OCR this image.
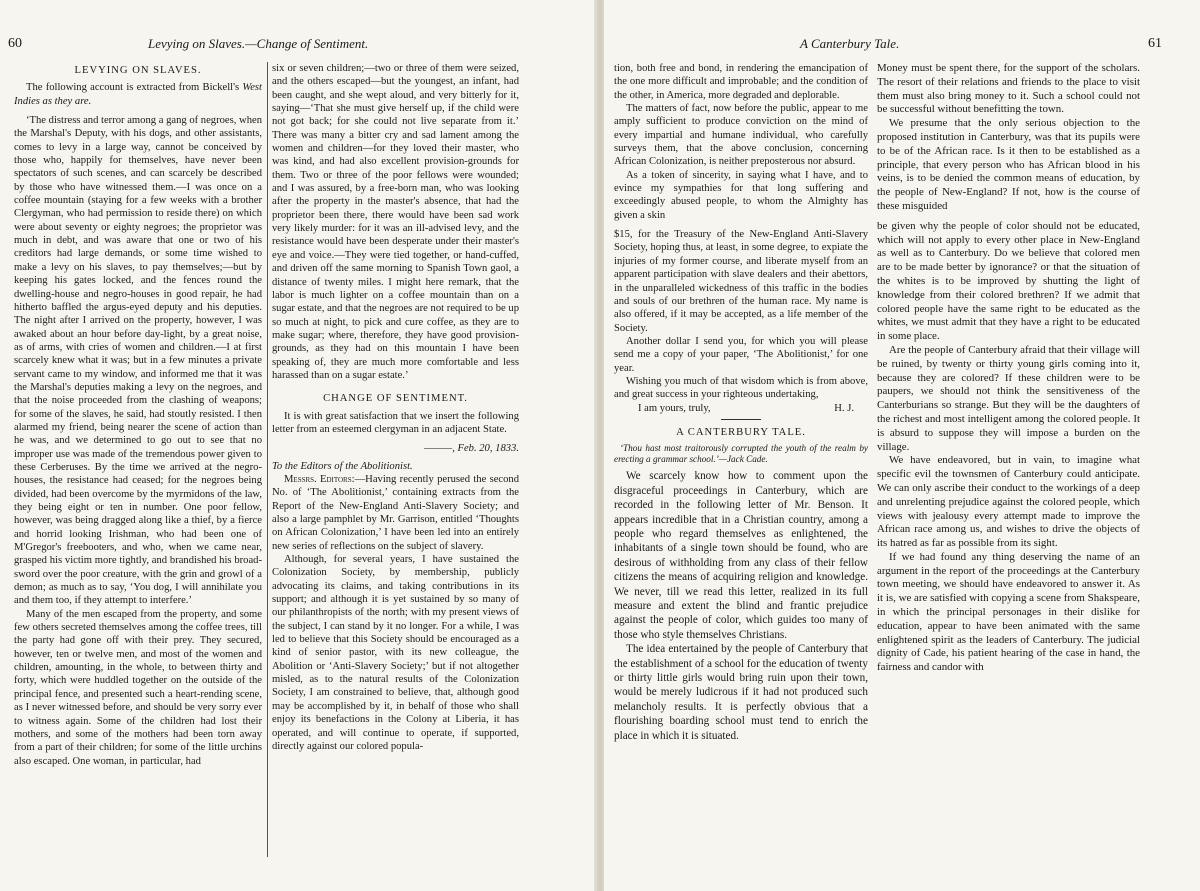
60	Levying on Slaves.—Change of Sentiment.
LEVYING ON SLAVES.

The following account is extracted from Bickell's West Indies as they are.

‘The distress and terror among a gang of negroes, when the Marshal's Deputy, with his dogs, and other assistants, comes to levy in a large way, cannot be conceived by those who, happily for themselves, have never been spectators of such scenes, and can scarcely be described by those who have witnessed them.—I was once on a coffee mountain (staying for a few weeks with a brother Clergyman, who had permission to reside there) on which were about seventy or eighty negroes; the proprietor was much in debt, and was aware that one or two of his creditors had large demands, or some time wished to make a levy on his slaves, to pay themselves;—but by keeping his gates locked, and the fences round the dwelling-house and negro-houses in good repair, he had hitherto baffled the argus-eyed deputy and his deputies. The night after I arrived on the property, however, I was awaked about an hour before day-light, by a great noise, as of arms, with cries of women and children.—I at first scarcely knew what it was; but in a few minutes a private servant came to my window, and informed me that it was the Marshal's deputies making a levy on the negroes, and that the noise proceeded from the clashing of weapons; for some of the slaves, he said, had stoutly resisted. I then alarmed my friend, being nearer the scene of action than he was, and we determined to go out to see that no improper use was made of the tremendous power given to these Cerberuses. By the time we arrived at the negro-houses, the resistance had ceased; for the negroes being divided, had been overcome by the myrmidons of the law, they being eight or ten in number. One poor fellow, however, was being dragged along like a thief, by a fierce and horrid looking Irishman, who had been one of M'Gregor's freebooters, and who, when we came near, grasped his victim more tightly, and brandished his broad-sword over the poor creature, with the grin and growl of a demon; as much as to say, ‘You dog, I will annihilate you and them too, if they attempt to interfere.’

Many of the men escaped from the property, and some few others secreted themselves among the coffee trees, till the party had gone off with their prey. They secured, however, ten or twelve men, and most of the women and children, amounting, in the whole, to between thirty and forty, which were huddled together on the outside of the principal fence, and presented such a heart-rending scene, as I never witnessed before, and should be very sorry ever to witness again. Some of the children had lost their mothers, and some of the mothers had been torn away from a part of their children; for some of the little urchins also escaped. One woman, in particular, had

six or seven children;—two or three of them were seized, and the others escaped—but the youngest, an infant, had been caught, and she wept aloud, and very bitterly for it, saying—‘That she must give herself up, if the child were not got back; for she could not live separate from it.’ There was many a bitter cry and sad lament among the women and children—for they loved their master, who was kind, and had also excellent provision-grounds for them. Two or three of the poor fellows were wounded; and I was assured, by a free-born man, who was looking after the property in the master's absence, that had the proprietor been there, there would have been sad work very likely murder: for it was an ill-advised levy, and the resistance would have been desperate under their master's eye and voice.—They were tied together, or hand-cuffed, and driven off the same morning to Spanish Town gaol, a distance of twenty miles. I might here remark, that the labor is much lighter on a coffee mountain than on a sugar estate, and that the negroes are not required to be up so much at night, to pick and cure coffee, as they are to make sugar; where, therefore, they have good provision-grounds, as they had on this mountain I have been speaking of, they are much more comfortable and less harassed than on a sugar estate.’

CHANGE OF SENTIMENT.

It is with great satisfaction that we insert the following letter from an esteemed clergyman in an adjacent State.

———, Feb. 20, 1833.

To the Editors of the Abolitionist.

Messrs. Editors:—Having recently perused the second No. of ‘The Abolitionist,’ containing extracts from the Report of the New-England Anti-Slavery Society; and also a large pamphlet by Mr. Garrison, entitled ‘Thoughts on African Colonization,’ I have been led into an entirely new series of reflections on the subject of slavery.

Although, for several years, I have sustained the Colonization Society, by membership, publicly advocating its claims, and taking contributions in its support; and although it is yet sustained by so many of our philanthropists of the north; with my present views of the subject, I can stand by it no longer. For a while, I was led to believe that this Society should be encouraged as a kind of senior pastor, with its new colleague, the Abolition or ‘Anti-Slavery Society;’ but if not altogether misled, as to the natural results of the Colonization Society, I am constrained to believe, that, although good may be accomplished by it, in behalf of those who shall enjoy its benefactions in the Colony at Liberia, it has operated, and will continue to operate, if supported, directly against our colored popula-

A Canterbury Tale.	61

tion, both free and bond, in rendering the emancipation of the one more difficult and improbable; and the condition of the other, in America, more degraded and deplorable.

The matters of fact, now before the public, appear to me amply sufficient to produce conviction on the mind of every impartial and humane individual, who carefully surveys them, that the above conclusion, concerning African Colonization, is neither preposterous nor absurd.

As a token of sincerity, in saying what I have, and to evince my sympathies for that long suffering and exceedingly abused people, to whom the Almighty has given a skin

$15, for the Treasury of the New-England Anti-Slavery Society, hoping thus, at least, in some degree, to expiate the injuries of my former course, and liberate myself from an apparent participation with slave dealers and their abettors, in the unparalleled wickedness of this traffic in the bodies and souls of our brethren of the human race. My name is also offered, if it may be accepted, as a life member of the Society.

Another dollar I send you, for which you will please send me a copy of your paper, ‘The Abolitionist,’ for one year.

Wishing you much of that wisdom which is from above, and great success in your righteous undertaking,

I am yours, truly,	H. J.
A CANTERBURY TALE.

‘Thou hast most traitorously corrupted the youth of the realm by erecting a grammar school.’—Jack Cade.

We scarcely know how to comment upon the disgraceful proceedings in Canterbury, which are recorded in the following letter of Mr. Benson. It appears incredible that in a Christian country, among a people who regard themselves as enlightened, the inhabitants of a single town should be found, who are desirous of withholding from any class of their fellow citizens the means of acquiring religion and knowledge. We never, till we read this letter, realized in its full measure and extent the blind and frantic prejudice against the people of color, which guides too many of those who style themselves Christians.

The idea entertained by the people of Canterbury that the establishment of a school for the education of twenty or thirty little girls would bring ruin upon their town, would be merely ludicrous if it had not produced such melancholy results. It is perfectly obvious that a flourishing boarding school must tend to enrich the place in which it is situated.

Money must be spent there, for the support of the scholars. The resort of their relations and friends to the place to visit them must also bring money to it. Such a school could not be successful without benefitting the town.

We presume that the only serious objection to the proposed institution in Canterbury, was that its pupils were to be of the African race. Is it then to be established as a principle, that every person who has African blood in his veins, is to be denied the common means of education, by the people of New-England? If not, how is the course of these misguided

be given why the people of color should not be educated, which will not apply to every other place in New-England as well as to Canterbury. Do we believe that colored men are to be made better by ignorance? or that the situation of the whites is to be improved by shutting the light of knowledge from their colored brethren? If we admit that colored people have the same right to be educated as the whites, we must admit that they have a right to be educated in some place.

Are the people of Canterbury afraid that their village will be ruined, by twenty or thirty young girls coming into it, because they are colored? If these children were to be paupers, we should not think the sensitiveness of the Canterburians so strange. But they will be the daughters of the richest and most intelligent among the colored people. It is absurd to suppose they will impose a burden on the village.

We have endeavored, but in vain, to imagine what specific evil the townsmen of Canterbury could anticipate. We can only ascribe their conduct to the workings of a deep and unrelenting prejudice against the colored people, which views with jealousy every attempt made to improve the African race among us, and wishes to drive the objects of its hatred as far as possible from its sight.

If we had found any thing deserving the name of an argument in the report of the proceedings at the Canterbury town meeting, we should have endeavored to answer it. As it is, we are satisfied with copying a scene from Shakspeare, in which the principal personages in their dislike for education, appear to have been animated with the same enlightened spirit as the leaders of Canterbury. The judicial dignity of Cade, his patient hearing of the case in hand, the fairness and candor with
